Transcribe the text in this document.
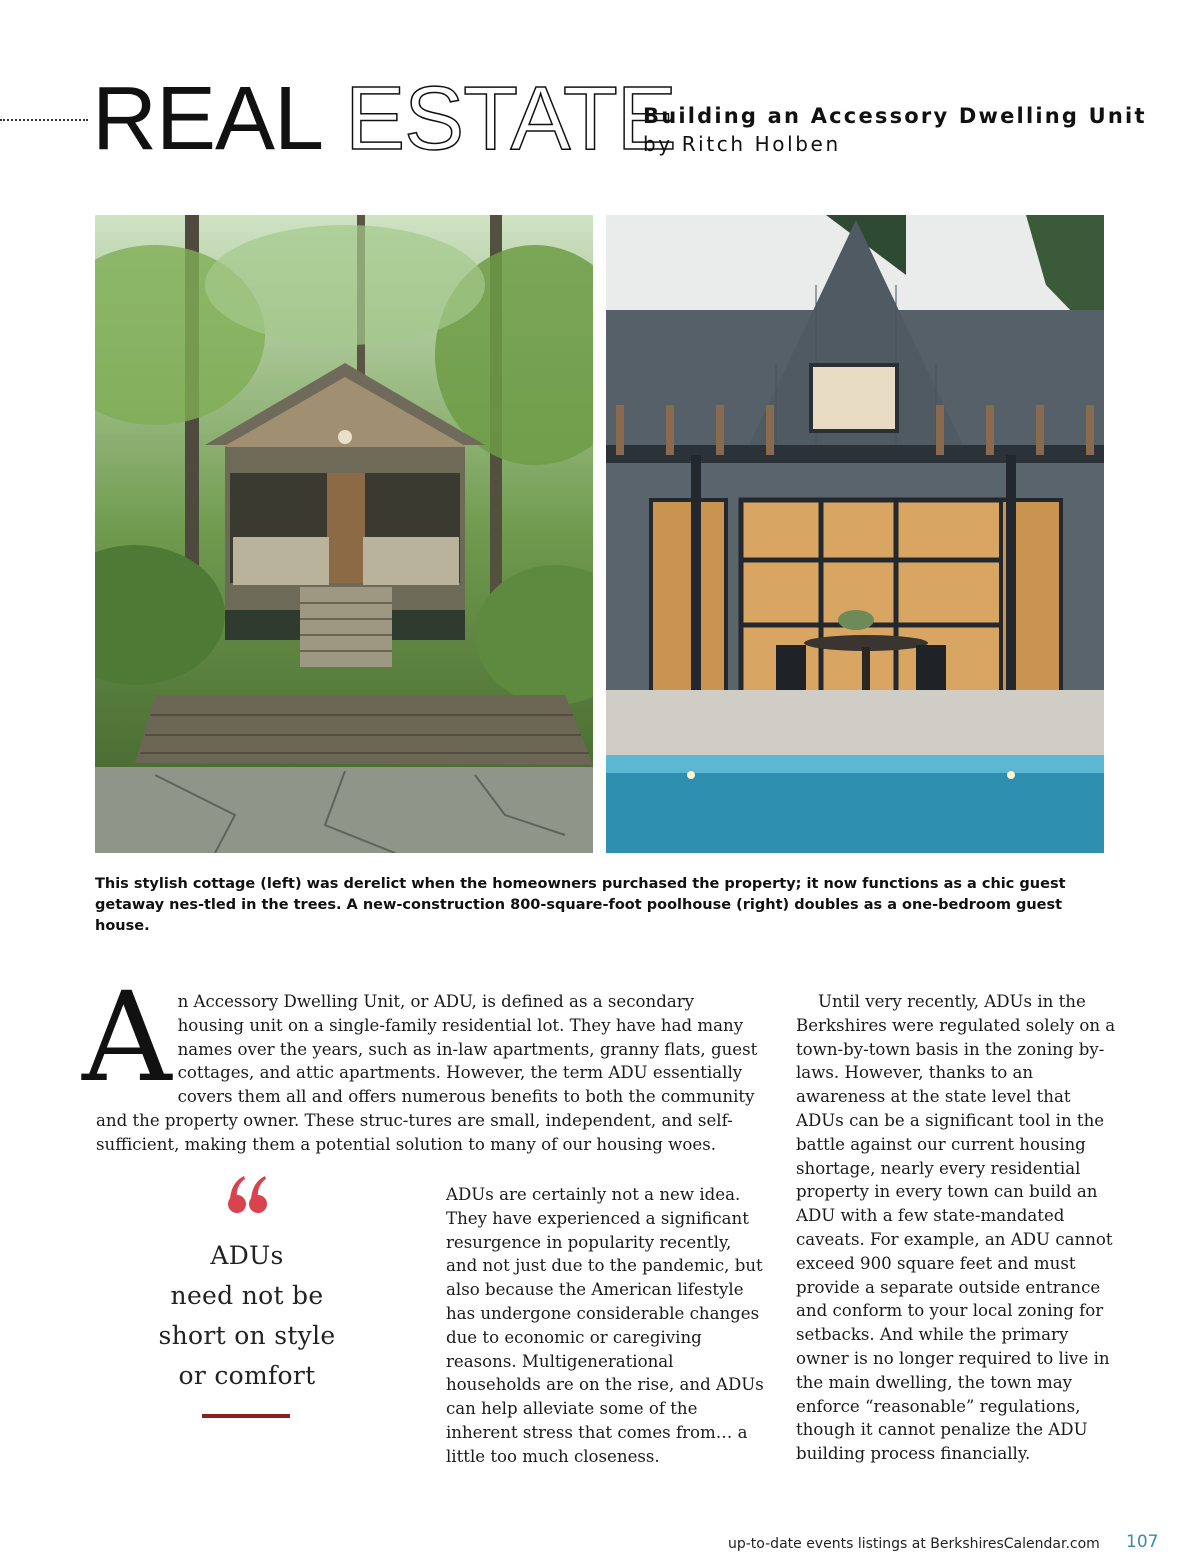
REAL ESTATE

Building an Accessory Dwelling Unit

by Ritch Holben

This stylish cottage (left) was derelict when the homeowners purchased the property; it now functions as a chic guest getaway nes-tled in the trees. A new-construction 800-square-foot poolhouse (right) doubles as a one-bedroom guest house.

A n Accessory Dwelling Unit, or ADU, is defined as a secondary housing unit on a single-family residential lot. They have had many names over the years, such as in-law apartments, granny flats, guest cottages, and attic apartments. However, the term ADU essentially covers them all and offers numerous benefits to both the community and the property owner. These struc-tures are small, independent, and self-sufficient, making them a potential solution to many of our housing woes.

ADUs
need not be
short on style
or comfort

ADUs are certainly not a new idea. They have experienced a significant resurgence in popularity recently, and not just due to the pandemic, but also because the American lifestyle has undergone considerable changes due to economic or caregiving reasons. Multigenerational households are on the rise, and ADUs can help alleviate some of the inherent stress that comes from… a little too much closeness.

Until very recently, ADUs in the Berkshires were regulated solely on a town-by-town basis in the zoning by-laws. However, thanks to an awareness at the state level that ADUs can be a significant tool in the battle against our current housing shortage, nearly every residential property in every town can build an ADU with a few state-mandated caveats. For example, an ADU cannot exceed 900 square feet and must provide a separate outside entrance and conform to your local zoning for setbacks. And while the primary owner is no longer required to live in the main dwelling, the town may enforce “reasonable” regulations, though it cannot penalize the ADU building process financially.

up-to-date events listings at BerkshiresCalendar.com 107
